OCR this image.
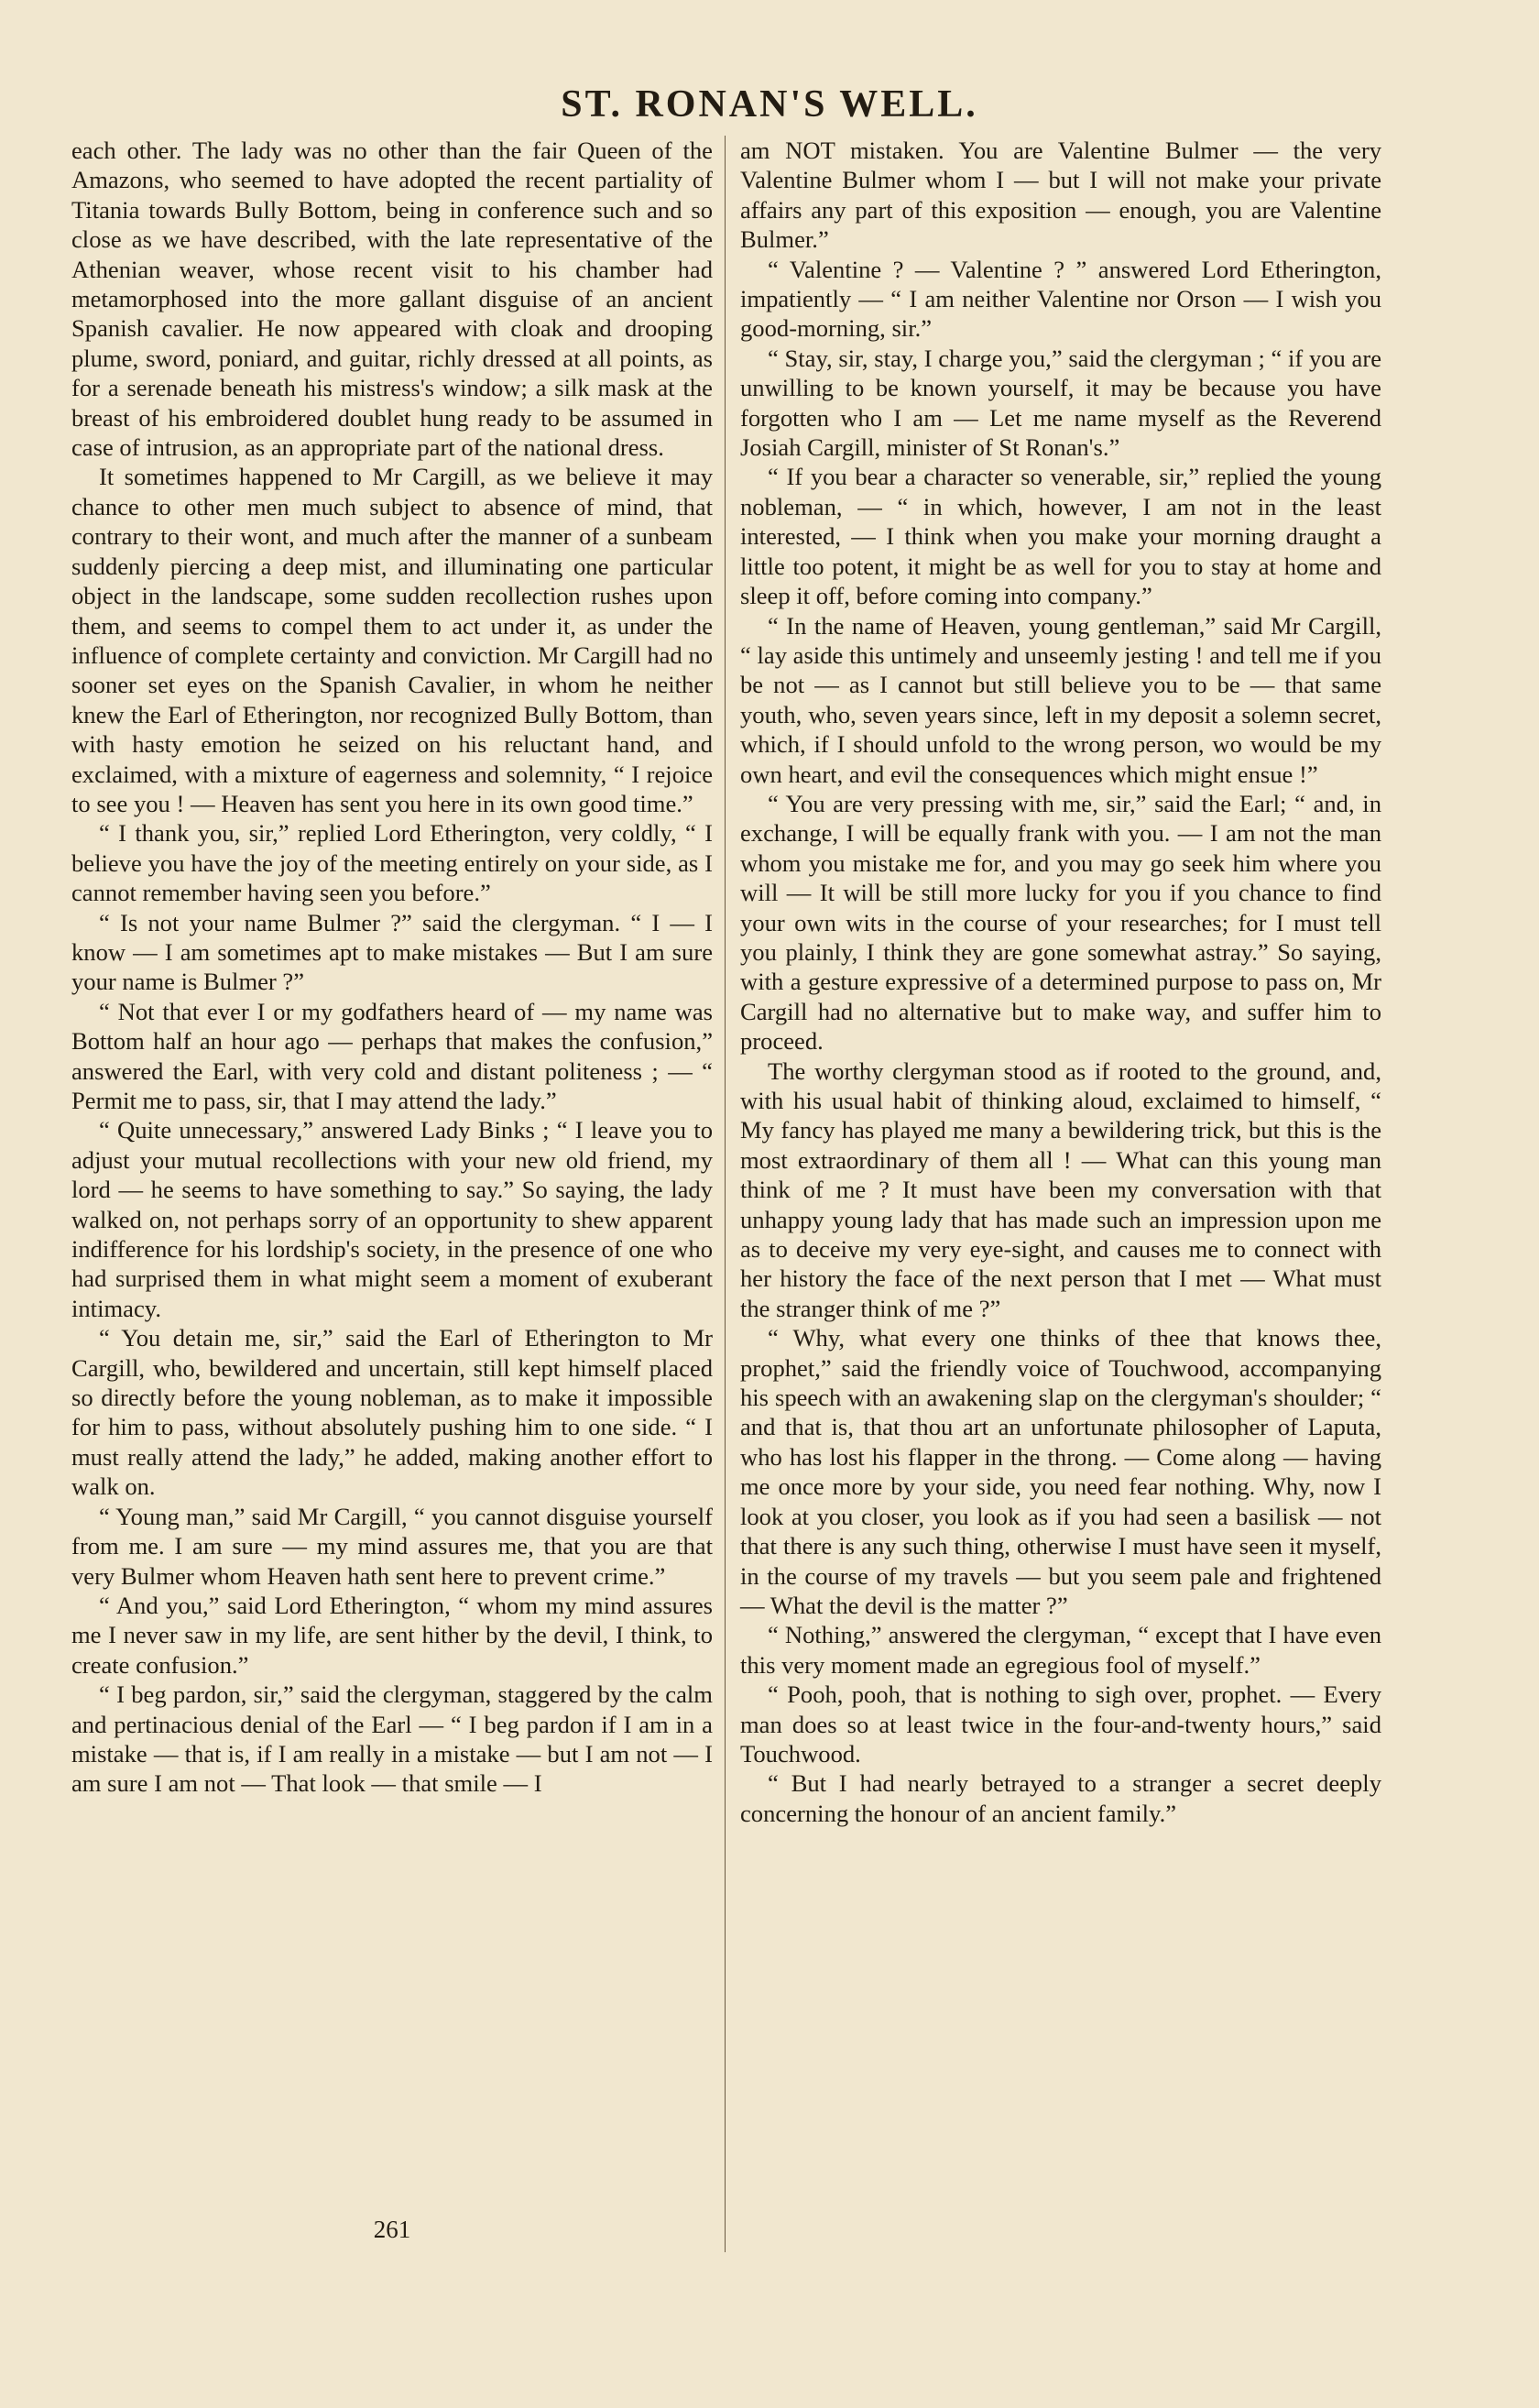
ST. RONAN'S WELL.

each other. The lady was no other than the fair Queen of the Amazons, who seemed to have adopted the recent partiality of Titania towards Bully Bottom, being in conference such and so close as we have described, with the late representative of the Athenian weaver, whose recent visit to his chamber had metamorphosed into the more gallant disguise of an ancient Spanish cavalier. He now appeared with cloak and drooping plume, sword, poniard, and guitar, richly dressed at all points, as for a serenade beneath his mistress's window; a silk mask at the breast of his embroidered doublet hung ready to be assumed in case of intrusion, as an appropriate part of the national dress.

It sometimes happened to Mr Cargill, as we believe it may chance to other men much subject to absence of mind, that contrary to their wont, and much after the manner of a sunbeam suddenly piercing a deep mist, and illuminating one particular object in the landscape, some sudden recollection rushes upon them, and seems to compel them to act under it, as under the influence of complete certainty and conviction. Mr Cargill had no sooner set eyes on the Spanish Cavalier, in whom he neither knew the Earl of Etherington, nor recognized Bully Bottom, than with hasty emotion he seized on his reluctant hand, and exclaimed, with a mixture of eagerness and solemnity, “ I rejoice to see you ! — Heaven has sent you here in its own good time.”

“ I thank you, sir,” replied Lord Etherington, very coldly, “ I believe you have the joy of the meeting entirely on your side, as I cannot remember having seen you before.”

“ Is not your name Bulmer ?” said the clergyman. “ I — I know — I am sometimes apt to make mistakes — But I am sure your name is Bulmer ?”

“ Not that ever I or my godfathers heard of — my name was Bottom half an hour ago — perhaps that makes the confusion,” answered the Earl, with very cold and distant politeness ; — “ Permit me to pass, sir, that I may attend the lady.”

“ Quite unnecessary,” answered Lady Binks ; “ I leave you to adjust your mutual recollections with your new old friend, my lord — he seems to have something to say.” So saying, the lady walked on, not perhaps sorry of an opportunity to shew apparent indifference for his lordship's society, in the presence of one who had surprised them in what might seem a moment of exuberant intimacy.

“ You detain me, sir,” said the Earl of Etherington to Mr Cargill, who, bewildered and uncertain, still kept himself placed so directly before the young nobleman, as to make it impossible for him to pass, without absolutely pushing him to one side. “ I must really attend the lady,” he added, making another effort to walk on.

“ Young man,” said Mr Cargill, “ you cannot disguise yourself from me. I am sure — my mind assures me, that you are that very Bulmer whom Heaven hath sent here to prevent crime.”

“ And you,” said Lord Etherington, “ whom my mind assures me I never saw in my life, are sent hither by the devil, I think, to create confusion.”

“ I beg pardon, sir,” said the clergyman, staggered by the calm and pertinacious denial of the Earl — “ I beg pardon if I am in a mistake — that is, if I am really in a mistake — but I am not — I am sure I am not — That look — that smile — I

am NOT mistaken. You are Valentine Bulmer — the very Valentine Bulmer whom I — but I will not make your private affairs any part of this exposition — enough, you are Valentine Bulmer.”

“ Valentine ? — Valentine ? ” answered Lord Etherington, impatiently — “ I am neither Valentine nor Orson — I wish you good-morning, sir.”

“ Stay, sir, stay, I charge you,” said the clergyman ; “ if you are unwilling to be known yourself, it may be because you have forgotten who I am — Let me name myself as the Reverend Josiah Cargill, minister of St Ronan's.”

“ If you bear a character so venerable, sir,” replied the young nobleman, — “ in which, however, I am not in the least interested, — I think when you make your morning draught a little too potent, it might be as well for you to stay at home and sleep it off, before coming into company.”

“ In the name of Heaven, young gentleman,” said Mr Cargill, “ lay aside this untimely and unseemly jesting ! and tell me if you be not — as I cannot but still believe you to be — that same youth, who, seven years since, left in my deposit a solemn secret, which, if I should unfold to the wrong person, wo would be my own heart, and evil the consequences which might ensue !”

“ You are very pressing with me, sir,” said the Earl; “ and, in exchange, I will be equally frank with you. — I am not the man whom you mistake me for, and you may go seek him where you will — It will be still more lucky for you if you chance to find your own wits in the course of your researches; for I must tell you plainly, I think they are gone somewhat astray.” So saying, with a gesture expressive of a determined purpose to pass on, Mr Cargill had no alternative but to make way, and suffer him to proceed.

The worthy clergyman stood as if rooted to the ground, and, with his usual habit of thinking aloud, exclaimed to himself, “ My fancy has played me many a bewildering trick, but this is the most extraordinary of them all ! — What can this young man think of me ? It must have been my conversation with that unhappy young lady that has made such an impression upon me as to deceive my very eye-sight, and causes me to connect with her history the face of the next person that I met — What must the stranger think of me ?”

“ Why, what every one thinks of thee that knows thee, prophet,” said the friendly voice of Touchwood, accompanying his speech with an awakening slap on the clergyman's shoulder; “ and that is, that thou art an unfortunate philosopher of Laputa, who has lost his flapper in the throng. — Come along — having me once more by your side, you need fear nothing. Why, now I look at you closer, you look as if you had seen a basilisk — not that there is any such thing, otherwise I must have seen it myself, in the course of my travels — but you seem pale and frightened — What the devil is the matter ?”

“ Nothing,” answered the clergyman, “ except that I have even this very moment made an egregious fool of myself.”

“ Pooh, pooh, that is nothing to sigh over, prophet. — Every man does so at least twice in the four-and-twenty hours,” said Touchwood.

“ But I had nearly betrayed to a stranger a secret deeply concerning the honour of an ancient family.”

261
